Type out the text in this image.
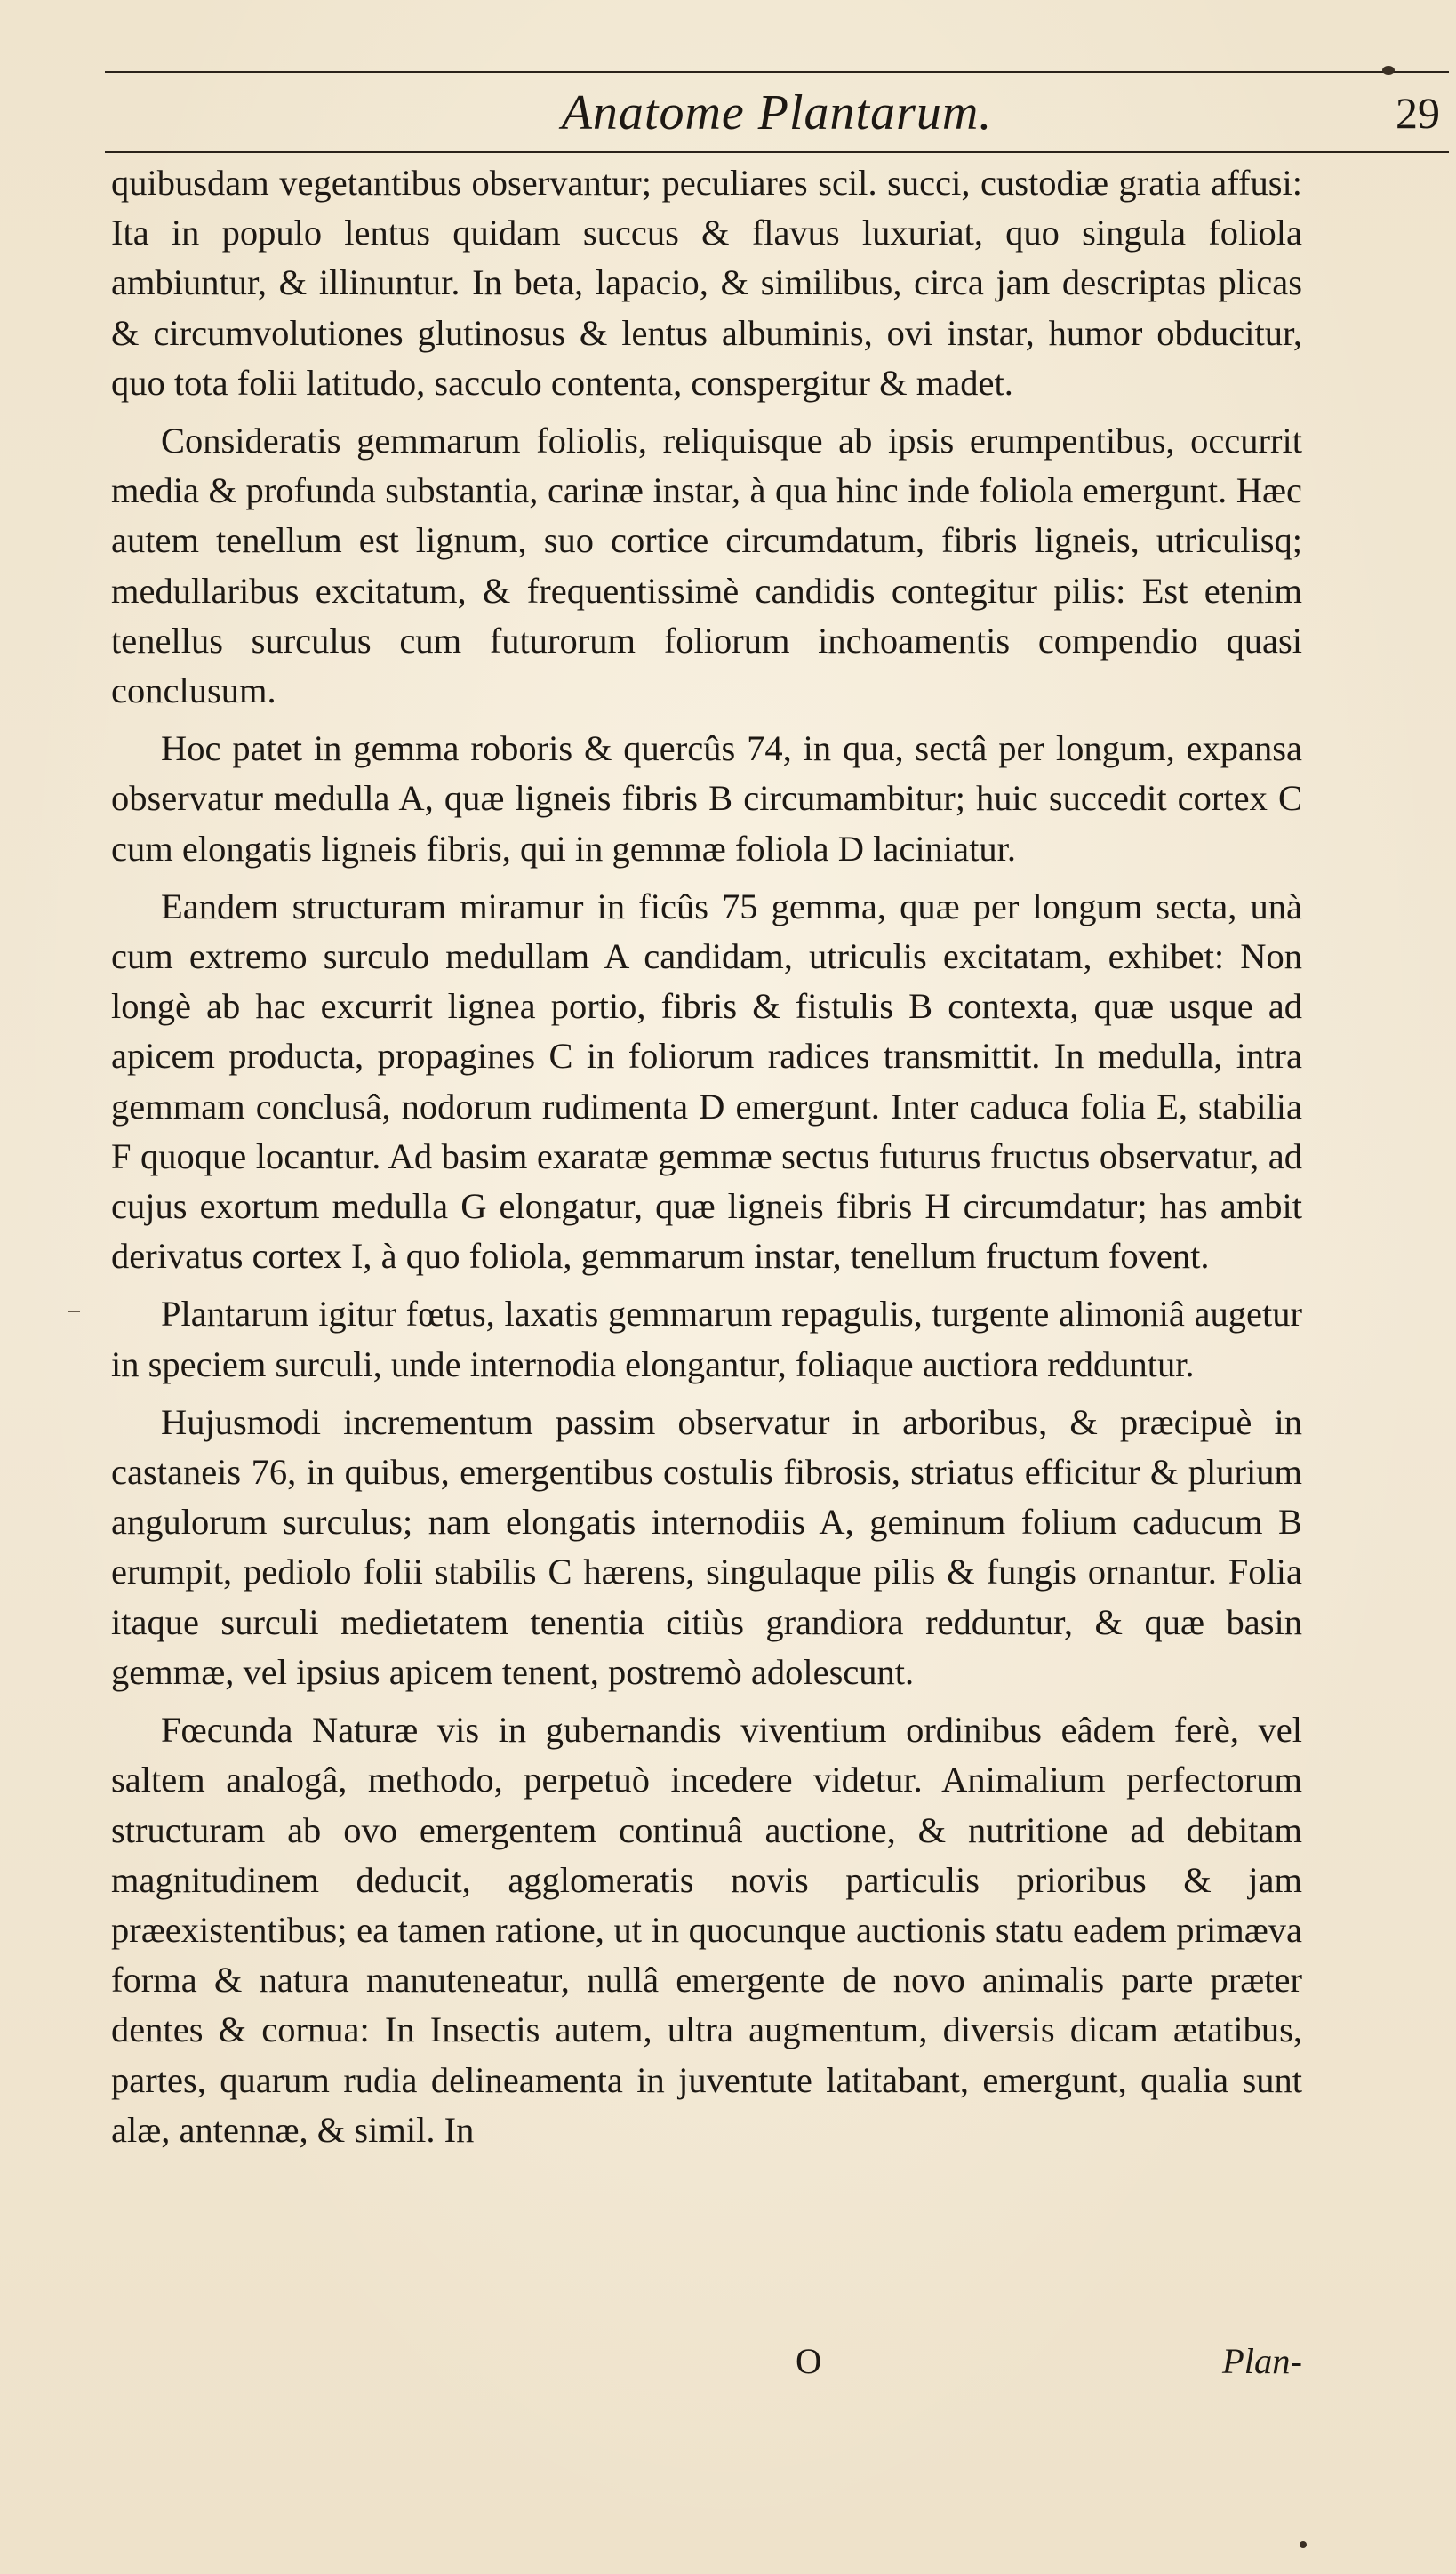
Anatome Plantarum.	29

quibusdam vegetantibus observantur; peculiares scil. succi, custodiæ gratia affusi: Ita in populo lentus quidam succus & flavus luxuriat, quo singula foliola ambiuntur, & illinuntur. In beta, lapacio, & similibus, circa jam descriptas plicas & circumvolutiones glutinosus & lentus albuminis, ovi instar, humor obducitur, quo tota folii latitudo, sacculo contenta, conspergitur & madet.

Consideratis gemmarum foliolis, reliquisque ab ipsis erumpentibus, occurrit media & profunda substantia, carinæ instar, à qua hinc inde foliola emergunt. Hæc autem tenellum est lignum, suo cortice circumdatum, fibris ligneis, utriculisq; medullaribus excitatum, & frequentissimè candidis contegitur pilis: Est etenim tenellus surculus cum futurorum foliorum inchoamentis compendio quasi conclusum.

Hoc patet in gemma roboris & quercûs 74, in qua, sectâ per longum, expansa observatur medulla A, quæ ligneis fibris B circumambitur; huic succedit cortex C cum elongatis ligneis fibris, qui in gemmæ foliola D laciniatur.

Eandem structuram miramur in ficûs 75 gemma, quæ per longum secta, unà cum extremo surculo medullam A candidam, utriculis excitatam, exhibet: Non longè ab hac excurrit lignea portio, fibris & fistulis B contexta, quæ usque ad apicem producta, propagines C in foliorum radices transmittit. In medulla, intra gemmam conclusâ, nodorum rudimenta D emergunt. Inter caduca folia E, stabilia F quoque locantur. Ad basim exaratæ gemmæ sectus futurus fructus observatur, ad cujus exortum medulla G elongatur, quæ ligneis fibris H circumdatur; has ambit derivatus cortex I, à quo foliola, gemmarum instar, tenellum fructum fovent.

Plantarum igitur fœtus, laxatis gemmarum repagulis, turgente alimoniâ augetur in speciem surculi, unde internodia elongantur, foliaque auctiora redduntur.

Hujusmodi incrementum passim observatur in arboribus, & præcipuè in castaneis 76, in quibus, emergentibus costulis fibrosis, striatus efficitur & plurium angulorum surculus; nam elongatis internodiis A, geminum folium caducum B erumpit, pediolo folii stabilis C hærens, singulaque pilis & fungis ornantur. Folia itaque surculi medietatem tenentia citiùs grandiora redduntur, & quæ basin gemmæ, vel ipsius apicem tenent, postremò adolescunt.

Fœcunda Naturæ vis in gubernandis viventium ordinibus eâdem ferè, vel saltem analogâ, methodo, perpetuò incedere videtur. Animalium perfectorum structuram ab ovo emergentem continuâ auctione, & nutritione ad debitam magnitudinem deducit, agglomeratis novis particulis prioribus & jam præexistentibus; ea tamen ratione, ut in quocunque auctionis statu eadem primæva forma & natura manuteneatur, nullâ emergente de novo animalis parte præter dentes & cornua: In Insectis autem, ultra augmentum, diversis dicam ætatibus, partes, quarum rudia delineamenta in juventute latitabant, emergunt, qualia sunt alæ, antennæ, & simil. In

O	Plan-
